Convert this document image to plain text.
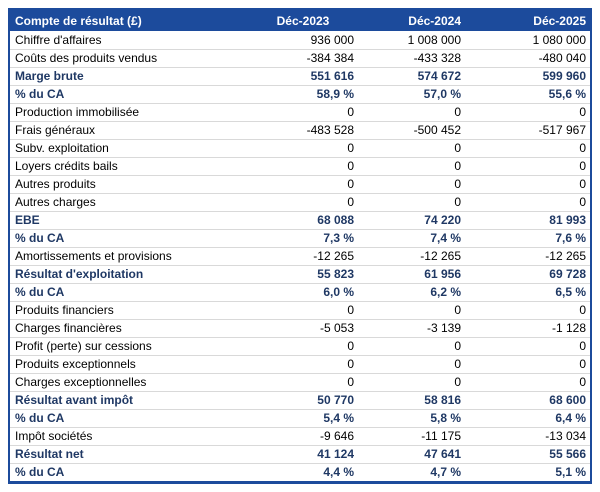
Compte de résultat (£)	Déc-2023	Déc-2024	Déc-2025
Chiffre d'affaires	936 000	1 008 000	1 080 000
Coûts des produits vendus	-384 384	-433 328	-480 040
Marge brute	551 616	574 672	599 960
% du CA	58,9 %	57,0 %	55,6 %
Production immobilisée	0	0	0
Frais généraux	-483 528	-500 452	-517 967
Subv. exploitation	0	0	0
Loyers crédits bails	0	0	0
Autres produits	0	0	0
Autres charges	0	0	0
EBE	68 088	74 220	81 993
% du CA	7,3 %	7,4 %	7,6 %
Amortissements et provisions	-12 265	-12 265	-12 265
Résultat d'exploitation	55 823	61 956	69 728
% du CA	6,0 %	6,2 %	6,5 %
Produits financiers	0	0	0
Charges financières	-5 053	-3 139	-1 128
Profit (perte) sur cessions	0	0	0
Produits exceptionnels	0	0	0
Charges exceptionnelles	0	0	0
Résultat avant impôt	50 770	58 816	68 600
% du CA	5,4 %	5,8 %	6,4 %
Impôt sociétés	-9 646	-11 175	-13 034
Résultat net	41 124	47 641	55 566
% du CA	4,4 %	4,7 %	5,1 %
